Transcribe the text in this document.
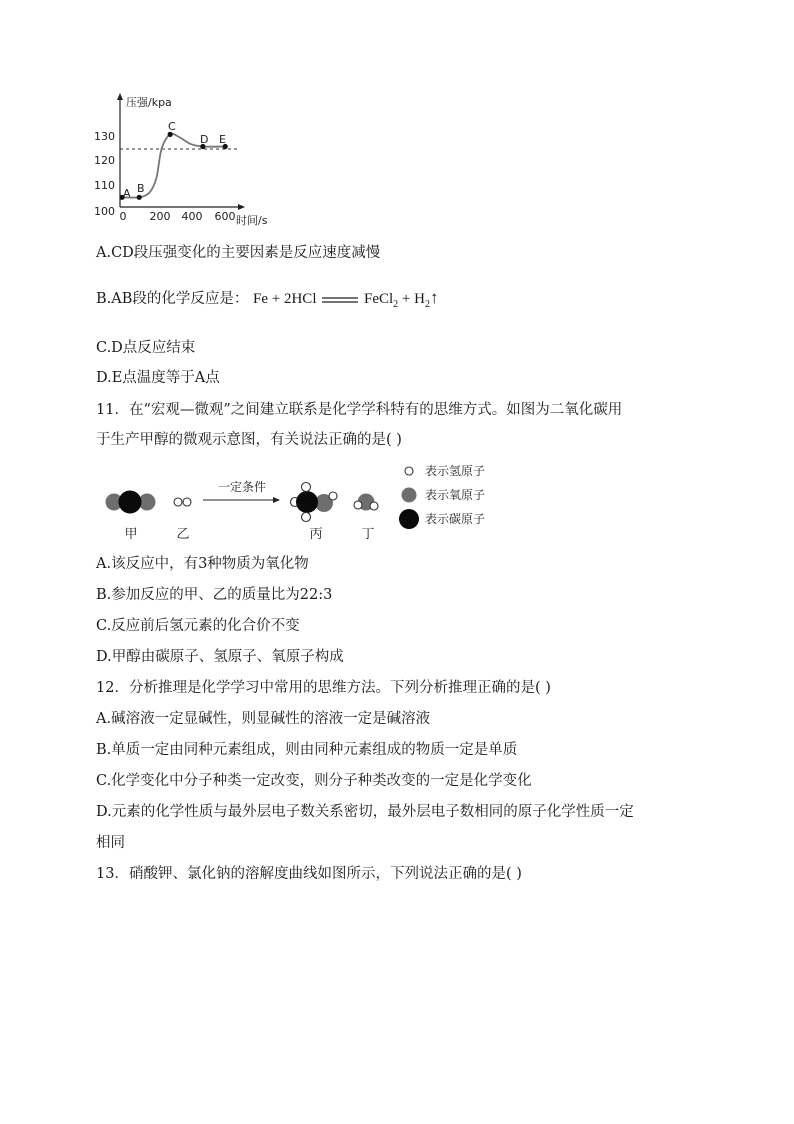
压强/kpa
时间/s
130
120
110
100 0 200 400 600
A B
C
D E
A.CD段压强变化的主要因素是反应速度减慢
B.AB段的化学反应是： Fe + 2HCl	FeCl$_2$ + $H_2↑$
C.D点反应结束
D.E点温度等于A点
11．在“宏观—微观”之间建立联系是化学学科特有的思维方式。如图为二氧化碳用
于生产甲醇的微观示意图，有关说法正确的是( )
一定条件
甲	乙	丙	丁
表示氢原子
表示氧原子
表示碳原子
A.该反应中，有3种物质为氧化物
B.参加反应的甲、乙的质量比为22:3
C.反应前后氢元素的化合价不变
D.甲醇由碳原子、氢原子、氧原子构成
12．分析推理是化学学习中常用的思维方法。下列分析推理正确的是( )
A.碱溶液一定显碱性，则显碱性的溶液一定是碱溶液
B.单质一定由同种元素组成，则由同种元素组成的物质一定是单质
C.化学变化中分子种类一定改变，则分子种类改变的一定是化学变化
D.元素的化学性质与最外层电子数关系密切，最外层电子数相同的原子化学性质一定
相同
13．硝酸钾、氯化钠的溶解度曲线如图所示，下列说法正确的是( )
